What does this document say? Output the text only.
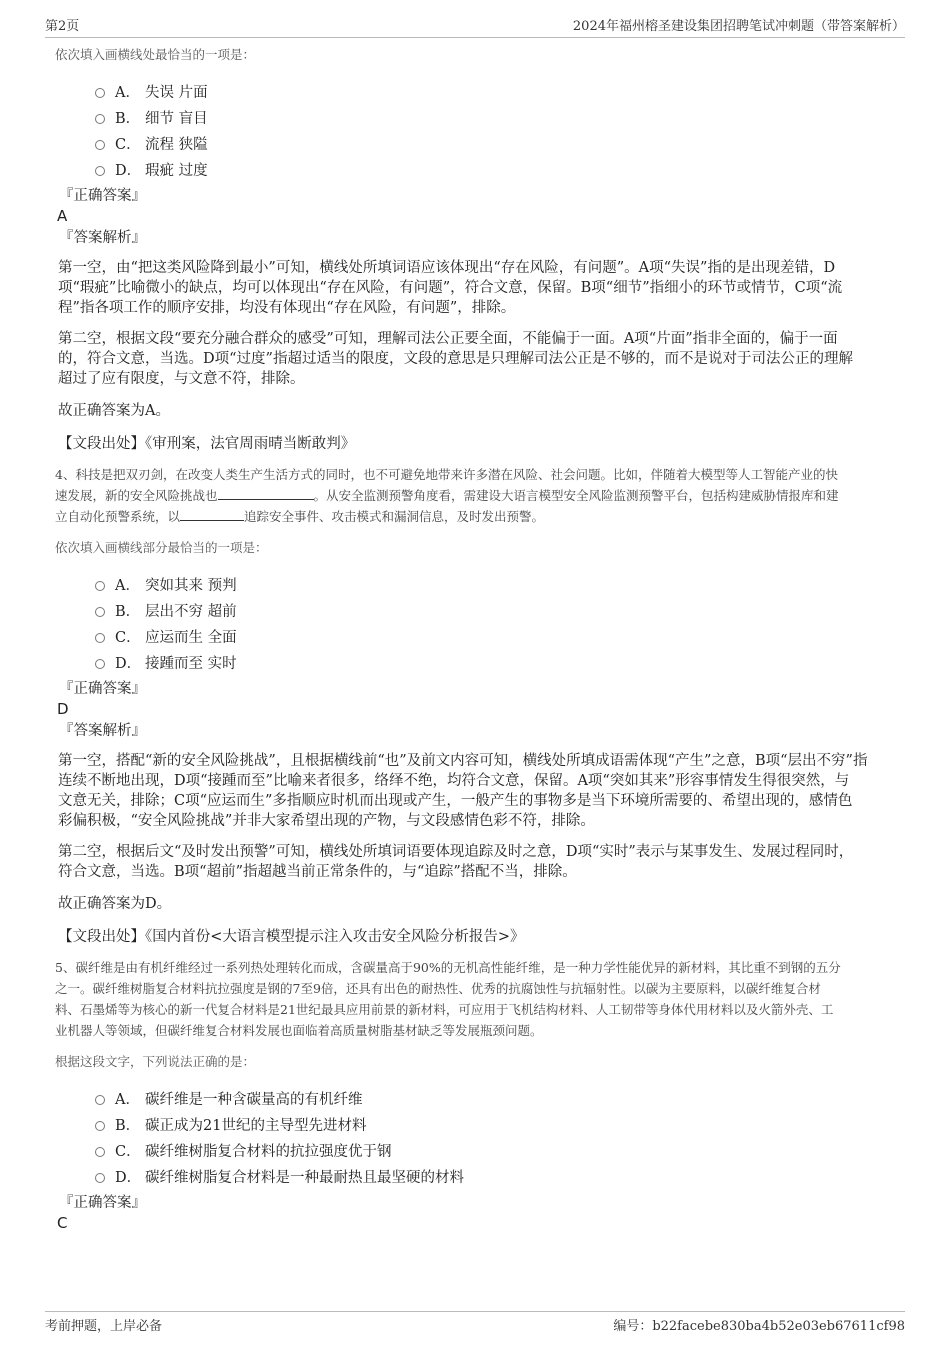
第2页	2024年福州榕圣建设集团招聘笔试冲刺题（带答案解析）

依次填入画横线处最恰当的一项是：

A． 失误 片面
B． 细节 盲目
C． 流程 狭隘
D． 瑕疵 过度

『正确答案』

A

『答案解析』

第一空，由“把这类风险降到最小”可知，横线处所填词语应该体现出“存在风险，有问题”。A项“失误”指的是出现差错，D

项“瑕疵”比喻微小的缺点，均可以体现出“存在风险，有问题”，符合文意，保留。B项“细节”指细小的环节或情节，C项“流

程”指各项工作的顺序安排，均没有体现出“存在风险，有问题”，排除。

第二空，根据文段“要充分融合群众的感受”可知，理解司法公正要全面，不能偏于一面。A项“片面”指非全面的，偏于一面

的，符合文意，当选。D项“过度”指超过适当的限度，文段的意思是只理解司法公正是不够的，而不是说对于司法公正的理解

超过了应有限度，与文意不符，排除。

故正确答案为A。

【文段出处】《审刑案，法官周雨晴当断敢判》

4、科技是把双刃剑，在改变人类生产生活方式的同时，也不可避免地带来许多潜在风险、社会问题。比如，伴随着大模型等人工智能产业的快

速发展，新的安全风险挑战也	。从安全监测预警角度看，需建设大语言模型安全风险监测预警平台，包括构建威胁情报库和建

立自动化预警系统，以	追踪安全事件、攻击模式和漏洞信息，及时发出预警。

依次填入画横线部分最恰当的一项是：

A． 突如其来 预判
B． 层出不穷 超前
C． 应运而生 全面
D． 接踵而至 实时

『正确答案』

D

『答案解析』

第一空，搭配“新的安全风险挑战”，且根据横线前“也”及前文内容可知，横线处所填成语需体现“产生”之意，B项“层出不穷”指

连续不断地出现，D项“接踵而至”比喻来者很多，络绎不绝，均符合文意，保留。A项“突如其来”形容事情发生得很突然，与

文意无关，排除；C项“应运而生”多指顺应时机而出现或产生，一般产生的事物多是当下环境所需要的、希望出现的，感情色

彩偏积极，“安全风险挑战”并非大家希望出现的产物，与文段感情色彩不符，排除。

第二空，根据后文“及时发出预警”可知，横线处所填词语要体现追踪及时之意，D项“实时”表示与某事发生、发展过程同时，

符合文意，当选。B项“超前”指超越当前正常条件的，与“追踪”搭配不当，排除。

故正确答案为D。

【文段出处】《国内首份<大语言模型提示注入攻击安全风险分析报告>》

5、碳纤维是由有机纤维经过一系列热处理转化而成，含碳量高于90%的无机高性能纤维，是一种力学性能优异的新材料，其比重不到钢的五分

之一。碳纤维树脂复合材料抗拉强度是钢的7至9倍，还具有出色的耐热性、优秀的抗腐蚀性与抗辐射性。以碳为主要原料，以碳纤维复合材

料、石墨烯等为核心的新一代复合材料是21世纪最具应用前景的新材料，可应用于飞机结构材料、人工韧带等身体代用材料以及火箭外壳、工

业机器人等领域，但碳纤维复合材料发展也面临着高质量树脂基材缺乏等发展瓶颈问题。

根据这段文字，下列说法正确的是：

A． 碳纤维是一种含碳量高的有机纤维
B． 碳正成为21世纪的主导型先进材料
C． 碳纤维树脂复合材料的抗拉强度优于钢
D． 碳纤维树脂复合材料是一种最耐热且最坚硬的材料

『正确答案』

C

考前押题，上岸必备	编号：b22facebe830ba4b52e03eb67611cf98
